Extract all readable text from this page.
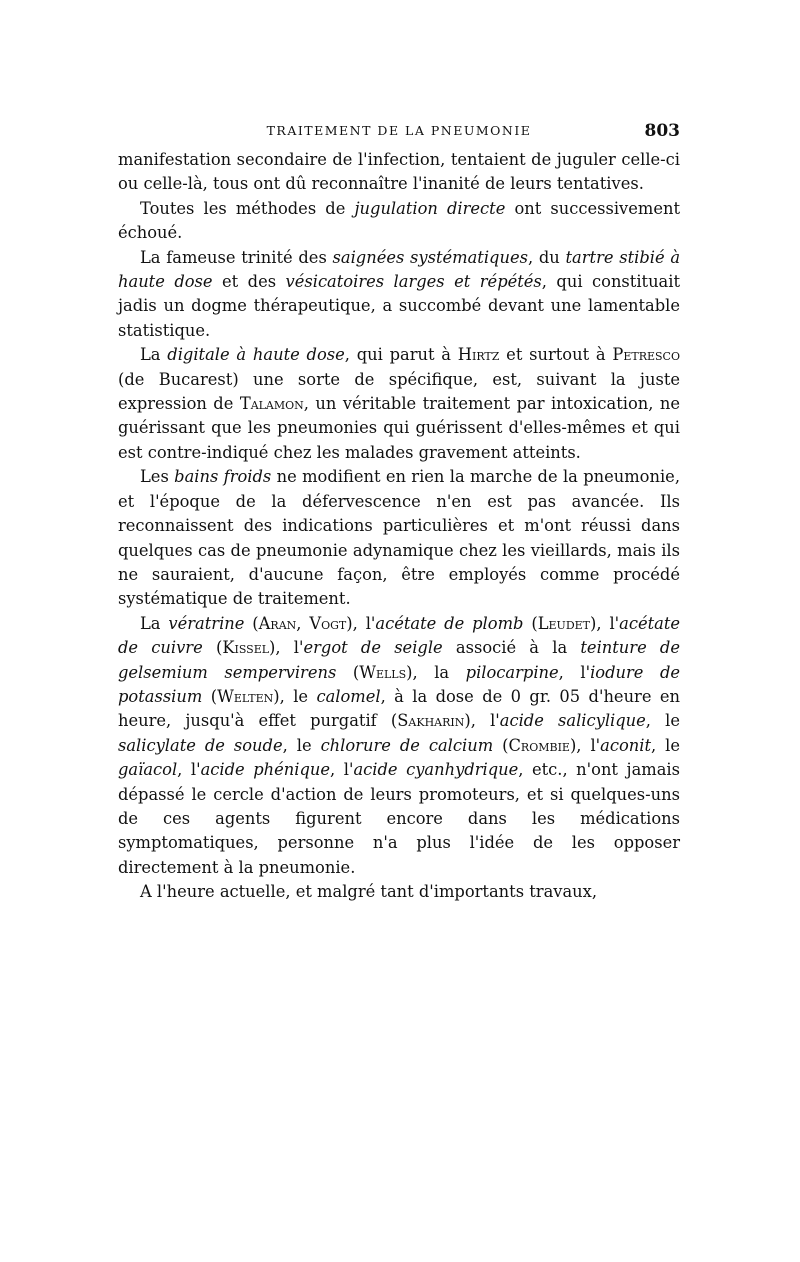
TRAITEMENT DE LA PNEUMONIE	803

manifestation secondaire de l'infection, tentaient de juguler celle-ci ou celle-là, tous ont dû reconnaître l'inanité de leurs tentatives.

Toutes les méthodes de jugulation directe ont successivement échoué.

La fameuse trinité des saignées systématiques, du tartre stibié à haute dose et des vésicatoires larges et répétés, qui constituait jadis un dogme thérapeutique, a succombé devant une lamentable statistique.

La digitale à haute dose, qui parut à Hirtz et surtout à Petresco (de Bucarest) une sorte de spécifique, est, suivant la juste expression de Talamon, un véritable traitement par intoxication, ne guérissant que les pneumonies qui guérissent d'elles-mêmes et qui est contre-indiqué chez les malades gravement atteints.

Les bains froids ne modifient en rien la marche de la pneumonie, et l'époque de la défervescence n'en est pas avancée. Ils reconnaissent des indications particulières et m'ont réussi dans quelques cas de pneumonie adynamique chez les vieillards, mais ils ne sauraient, d'aucune façon, être employés comme procédé systématique de traitement.

La vératrine (Aran, Vogt), l'acétate de plomb (Leudet), l'acétate de cuivre (Kissel), l'ergot de seigle associé à la teinture de gelsemium sempervirens (Wells), la pilocarpine, l'iodure de potassium (Welten), le calomel, à la dose de 0 gr. 05 d'heure en heure, jusqu'à effet purgatif (Sakharin), l'acide salicylique, le salicylate de soude, le chlorure de calcium (Crombie), l'aconit, le gaïacol, l'acide phénique, l'acide cyanhydrique, etc., n'ont jamais dépassé le cercle d'action de leurs promoteurs, et si quelques-uns de ces agents figurent encore dans les médications symptomatiques, personne n'a plus l'idée de les opposer directement à la pneumonie.

A l'heure actuelle, et malgré tant d'importants travaux,
